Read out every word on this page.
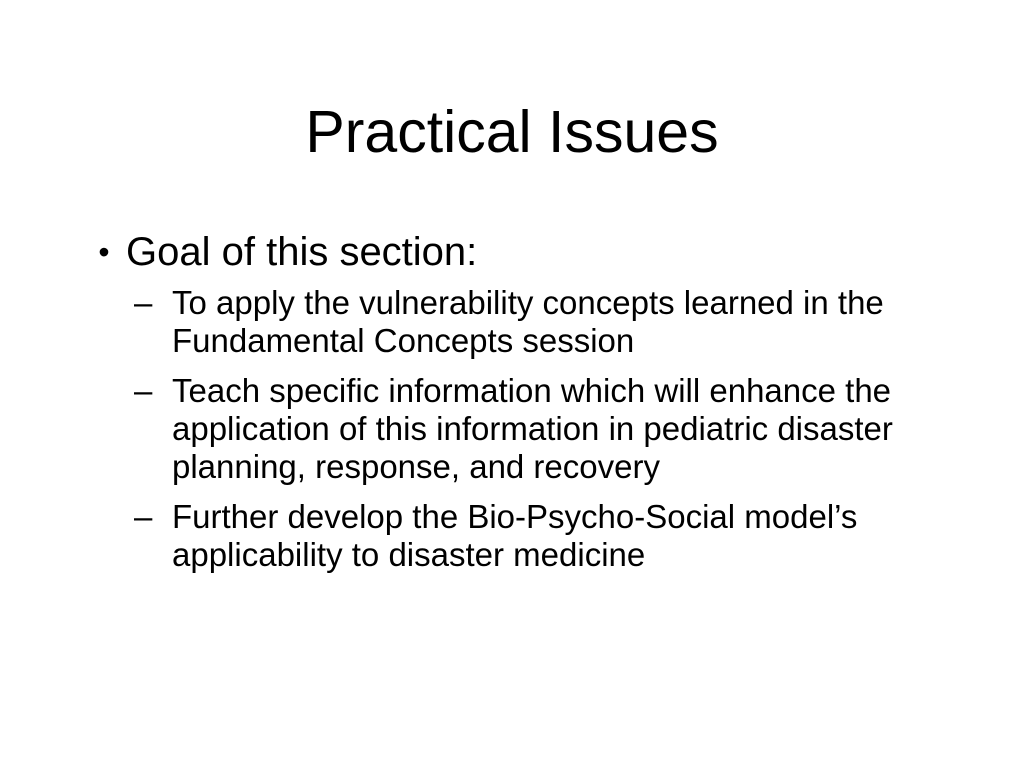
Practical Issues
• Goal of this section:
– To apply the vulnerability concepts learned in the Fundamental Concepts session
– Teach specific information which will enhance the application of this information in pediatric disaster planning, response, and recovery
– Further develop the Bio-Psycho-Social model’s applicability to disaster medicine
